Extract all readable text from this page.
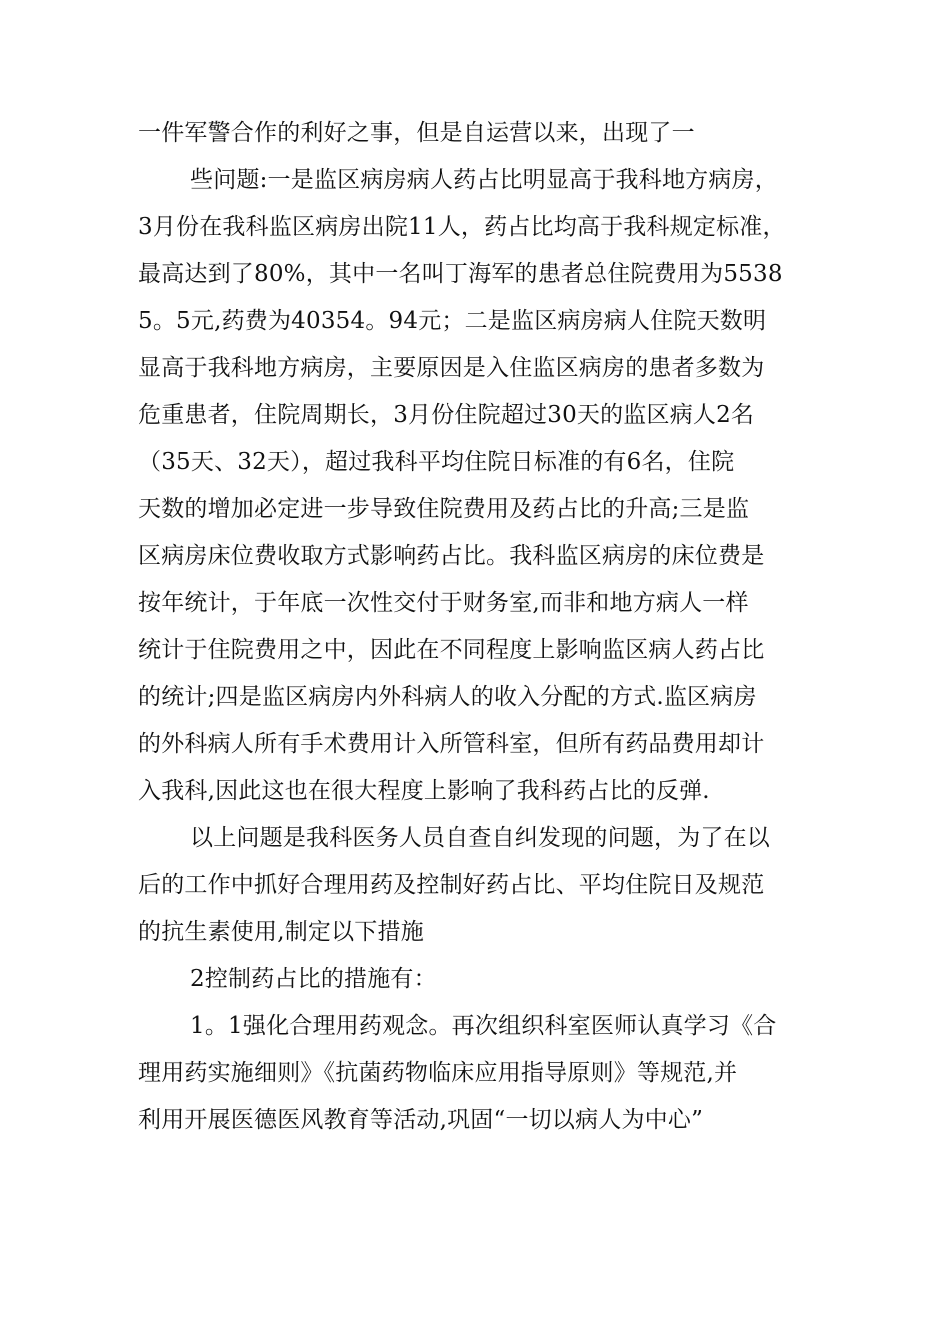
一件军警合作的利好之事，但是自运营以来，出现了一
些问题:一是监区病房病人药占比明显高于我科地方病房，
3月份在我科监区病房出院11人，药占比均高于我科规定标准，
最高达到了80%，其中一名叫丁海军的患者总住院费用为5538
5。5元,药费为40354。94元；二是监区病房病人住院天数明
显高于我科地方病房，主要原因是入住监区病房的患者多数为
危重患者，住院周期长，3月份住院超过30天的监区病人2名
（35天、32天），超过我科平均住院日标准的有6名，住院
天数的增加必定进一步导致住院费用及药占比的升高;三是监
区病房床位费收取方式影响药占比。我科监区病房的床位费是
按年统计，于年底一次性交付于财务室,而非和地方病人一样
统计于住院费用之中，因此在不同程度上影响监区病人药占比
的统计;四是监区病房内外科病人的收入分配的方式.监区病房
的外科病人所有手术费用计入所管科室，但所有药品费用却计
入我科,因此这也在很大程度上影响了我科药占比的反弹.
以上问题是我科医务人员自查自纠发现的问题，为了在以
后的工作中抓好合理用药及控制好药占比、平均住院日及规范
的抗生素使用,制定以下措施
2控制药占比的措施有：
1。1强化合理用药观念。再次组织科室医师认真学习《合
理用药实施细则》《抗菌药物临床应用指导原则》等规范,并
利用开展医德医风教育等活动,巩固“一切以病人为中心”
